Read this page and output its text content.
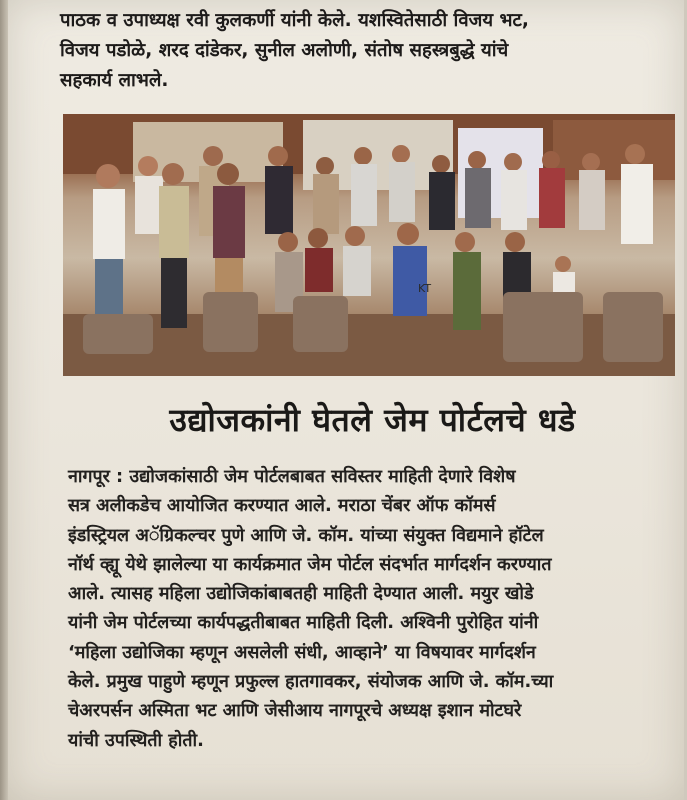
पाठक व उपाध्यक्ष रवी कुलकर्णी यांनी केले. यशस्वितेसाठी विजय भट,

विजय पडोळे, शरद दांडेकर, सुनील अलोणी, संतोष सहस्त्रबुद्धे यांचे

सहकार्य लाभले.

KT
उद्योजकांनी घेतले जेम पोर्टलचे धडे

नागपूर : उद्योजकांसाठी जेम पोर्टलबाबत सविस्तर माहिती देणारे विशेष

सत्र अलीकडेच आयोजित करण्यात आले. मराठा चेंबर ऑफ कॉमर्स

इंडस्ट्रियल अॅग्रिकल्चर पुणे आणि जे. कॉम. यांच्या संयुक्त विद्यमाने हॉटेल

नॉर्थ व्ह्यू येथे झालेल्या या कार्यक्रमात जेम पोर्टल संदर्भात मार्गदर्शन करण्यात

आले. त्यासह महिला उद्योजिकांबाबतही माहिती देण्यात आली. मयुर खोडे

यांनी जेम पोर्टलच्या कार्यपद्धतीबाबत माहिती दिली. अश्विनी पुरोहित यांनी

‘महिला उद्योजिका म्हणून असलेली संधी, आव्हाने’ या विषयावर मार्गदर्शन

केले. प्रमुख पाहुणे म्हणून प्रफुल्ल हातगावकर, संयोजक आणि जे. कॉम.च्या

चेअरपर्सन अस्मिता भट आणि जेसीआय नागपूरचे अध्यक्ष इशान मोटघरे

यांची उपस्थिती होती.
